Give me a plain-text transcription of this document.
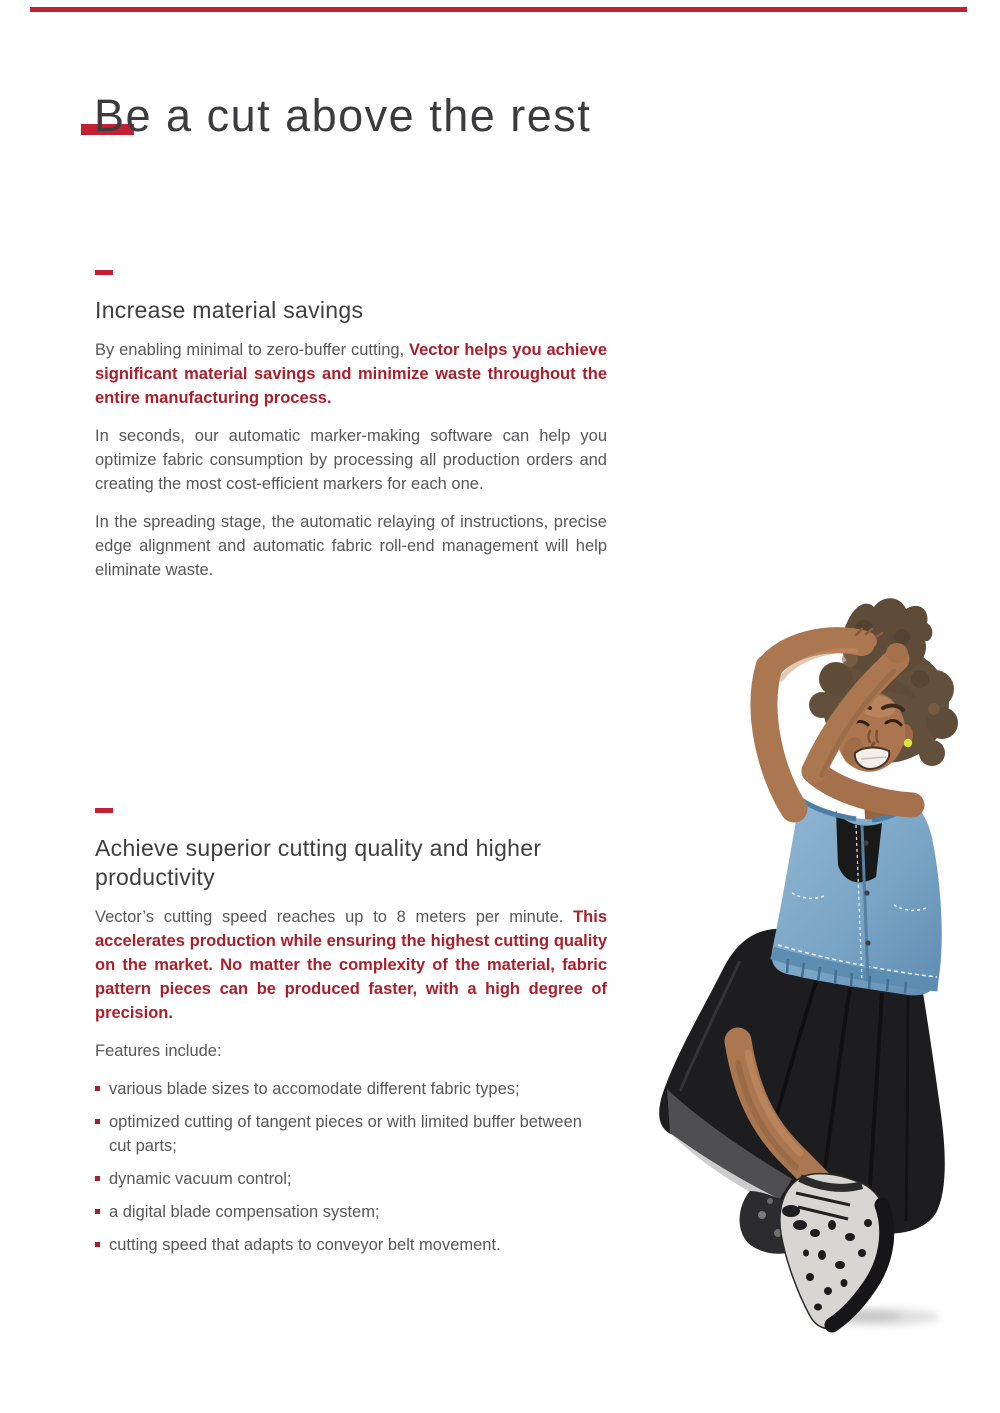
Be a cut above the rest
Increase material savings

By enabling minimal to zero-buffer cutting, Vector helps you achieve significant material savings and minimize waste throughout the entire manufacturing process.

In seconds, our automatic marker-making software can help you optimize fabric consumption by processing all production orders and creating the most cost-efficient markers for each one.

In the spreading stage, the automatic relaying of instructions, precise edge alignment and automatic fabric roll-end management will help eliminate waste.

Achieve superior cutting quality and higher productivity

Vector’s cutting speed reaches up to 8 meters per minute. This accelerates production while ensuring the highest cutting quality on the market. No matter the complexity of the material, fabric pattern pieces can be produced faster, with a high degree of precision.

Features include:

various blade sizes to accomodate different fabric types;
optimized cutting of tangent pieces or with limited buffer between cut parts;
dynamic vacuum control;
a digital blade compensation system;
cutting speed that adapts to conveyor belt movement.
